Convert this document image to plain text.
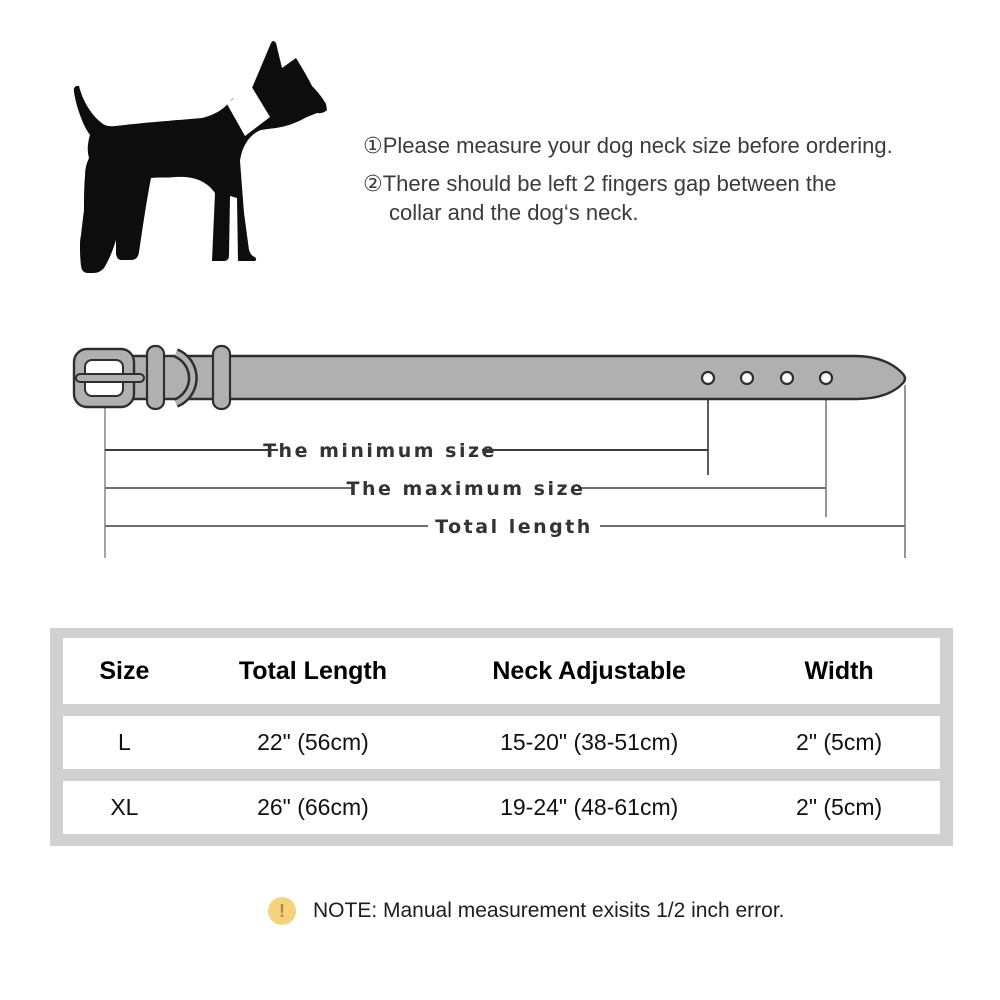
①Please measure your dog neck size before ordering.
②There should be left 2 fingers gap between the
collar and the dog‘s neck.
The minimum size
The maximum size
Total length
Size	Total Length	Neck Adjustable	Width
L	22" (56cm)	15-20" (38-51cm)	2" (5cm)
XL	26" (66cm)	19-24" (48-61cm)	2" (5cm)
!	NOTE: Manual measurement exisits 1/2 inch error.
